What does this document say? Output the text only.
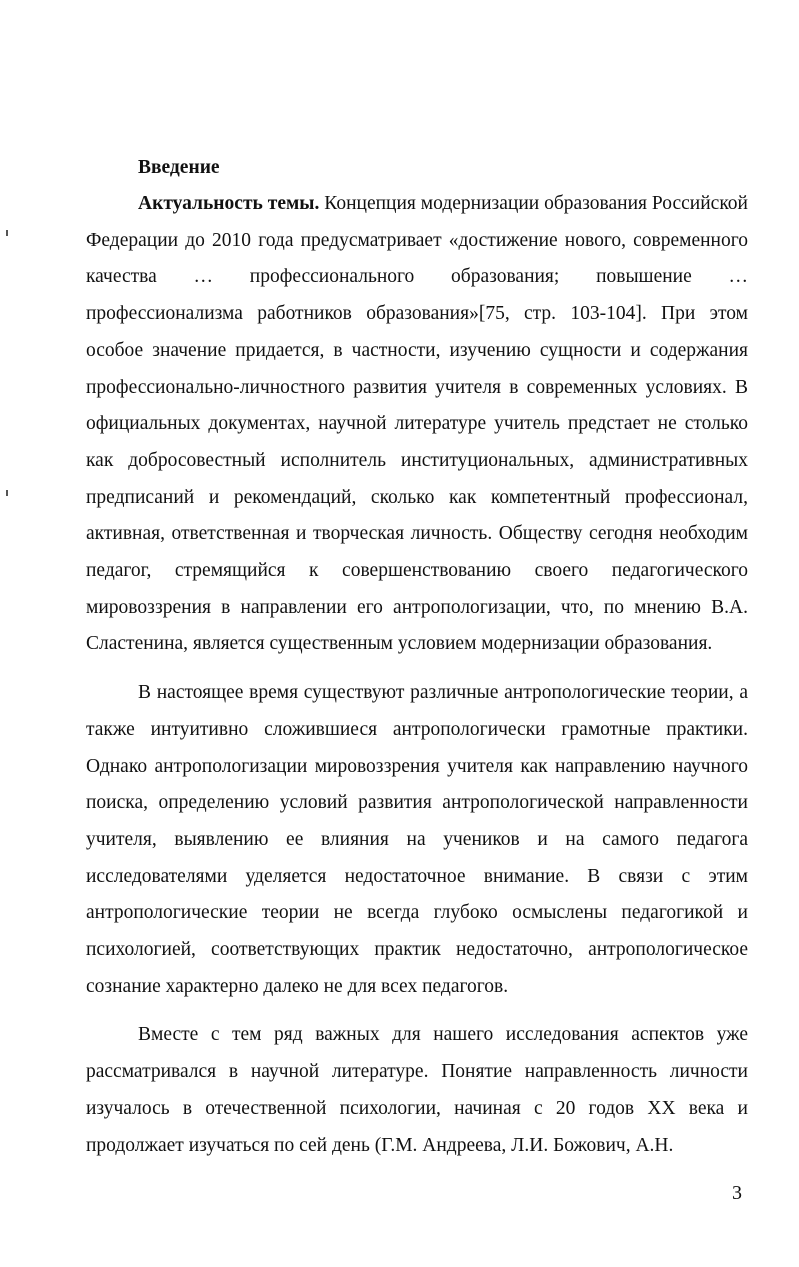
Введение

Актуальность темы. Концепция модернизации образования Российской Федерации до 2010 года предусматривает «достижение нового, современного качества … профессионального образования; повышение … профессионализма работников образования»[75, стр. 103-104]. При этом особое значение придается, в частности, изучению сущности и содержания профессионально-личностного развития учителя в современных условиях. В официальных документах, научной литературе учитель предстает не столько как добросовестный исполнитель институциональных, административных предписаний и рекомендаций, сколько как компетентный профессионал, активная, ответственная и творческая личность. Обществу сегодня необходим педагог, стремящийся к совершенствованию своего педагогического мировоззрения в направлении его антропологизации, что, по мнению В.А. Сластенина, является существенным условием модернизации образования.

В настоящее время существуют различные антропологические теории, а также интуитивно сложившиеся антропологически грамотные практики. Однако антропологизации мировоззрения учителя как направлению научного поиска, определению условий развития антропологической направленности учителя, выявлению ее влияния на учеников и на самого педагога исследователями уделяется недостаточное внимание. В связи с этим антропологические теории не всегда глубоко осмыслены педагогикой и психологией, соответствующих практик недостаточно, антропологическое сознание характерно далеко не для всех педагогов.

Вместе с тем ряд важных для нашего исследования аспектов уже рассматривался в научной литературе. Понятие направленность личности изучалось в отечественной психологии, начиная с 20 годов XX века и продолжает изучаться по сей день (Г.М. Андреева, Л.И. Божович, А.Н.

3
